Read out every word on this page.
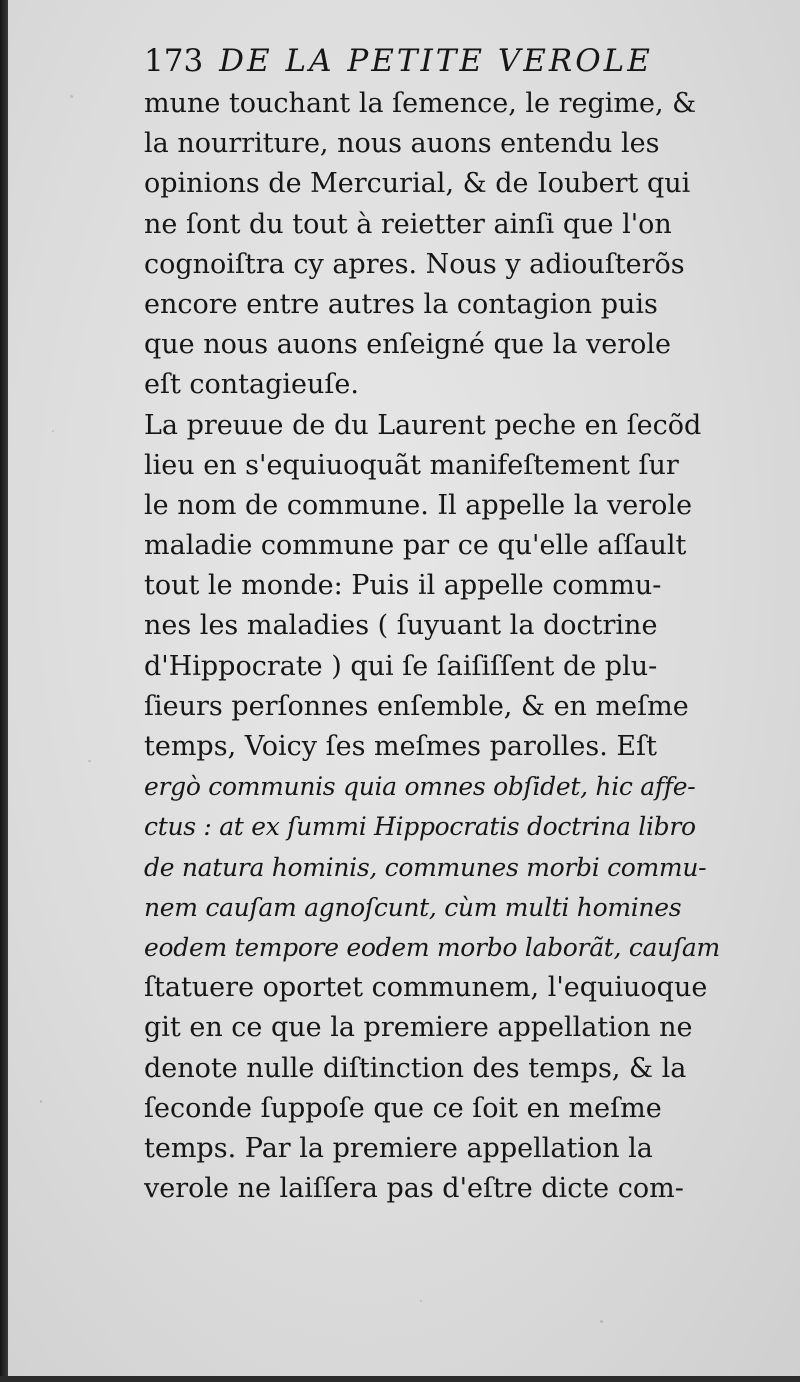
173 DE LA PETITE VEROLE
mune touchant la ſemence, le regime, &
la nourriture, nous auons entendu les
opinions de Mercurial, & de Ioubert qui
ne ſont du tout à reietter ainſi que l'on
cognoiſtra cy apres. Nous y adiouſterõs
encore entre autres la contagion puis
que nous auons enſeigné que la verole
eſt contagieuſe.
La preuue de du Laurent peche en ſecõd
lieu en s'equiuoquãt manifeſtement ſur
le nom de commune. Il appelle la verole
maladie commune par ce qu'elle aſſault
tout le monde: Puis il appelle commu-
nes les maladies ( ſuyuant la doctrine
d'Hippocrate ) qui ſe ſaiſiſſent de plu-
ſieurs perſonnes enſemble, & en meſme
temps, Voicy ſes meſmes parolles. Eſt
ergò communis quia omnes obſidet, hic affe-
ctus : at ex ſummi Hippocratis doctrina libro
de natura hominis, communes morbi commu-
nem cauſam agnoſcunt, cùm multi homines
eodem tempore eodem morbo laborãt, cauſam
ſtatuere oportet communem, l'equiuoque
git en ce que la premiere appellation ne
denote nulle diſtinction des temps, & la
ſeconde ſuppoſe que ce ſoit en meſme
temps. Par la premiere appellation la
verole ne laiſſera pas d'eſtre dicte com-
